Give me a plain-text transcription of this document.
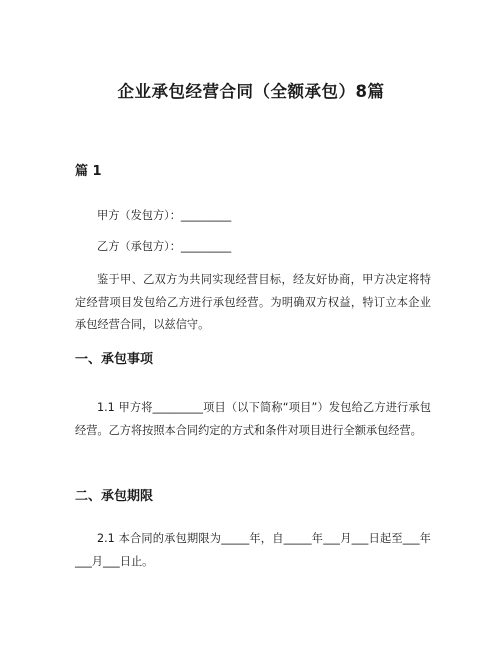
企业承包经营合同（全额承包）8篇
篇 1
甲方（发包方）：_________
乙方（承包方）：_________

鉴于甲、乙双方为共同实现经营目标，经友好协商，甲方决定将特定经营项目发包给乙方进行承包经营。为明确双方权益，特订立本企业承包经营合同，以兹信守。

一、承包事项

1.1 甲方将_________项目（以下简称“项目”）发包给乙方进行承包经营。乙方将按照本合同约定的方式和条件对项目进行全额承包经营。

二、承包期限

2.1 本合同的承包期限为_____年，自_____年___月___日起至___年___月___日止。
